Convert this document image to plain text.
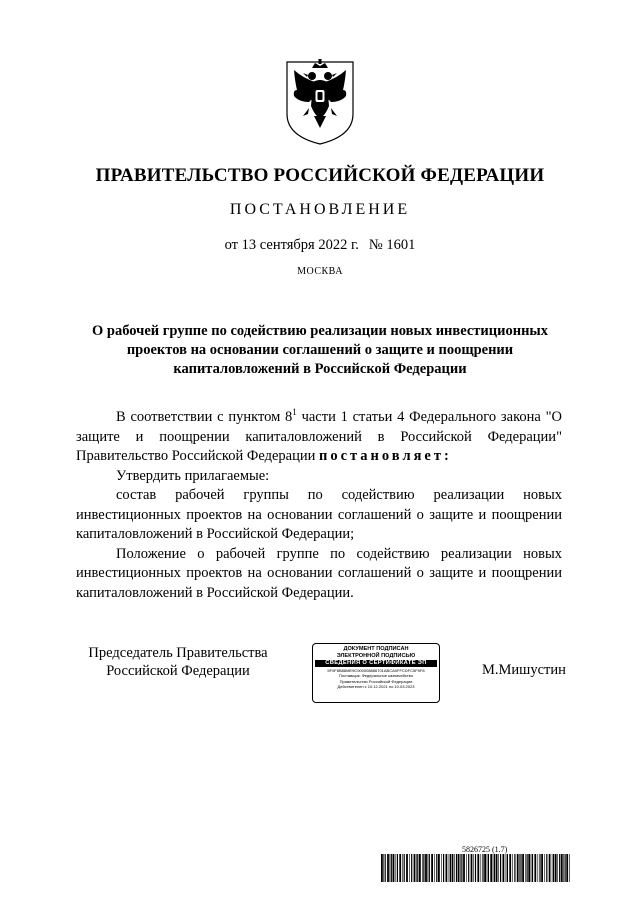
ПРАВИТЕЛЬСТВО РОССИЙСКОЙ ФЕДЕРАЦИИ
ПОСТАНОВЛЕНИЕ
от 13 сентября 2022 г. № 1601
МОСКВА
О рабочей группе по содействию реализации новых инвестиционных
проектов на основании соглашений о защите и поощрении
капиталовложений в Российской Федерации

В соответствии с пунктом $8^1$ части 1 статьи 4 Федерального закона "О защите и поощрении капиталовложений в Российской Федерации" Правительство Российской Федерации постановляет:

Утвердить прилагаемые:

состав рабочей группы по содействию реализации новых инвестиционных проектов на основании соглашений о защите и поощрении капиталовложений в Российской Федерации;

Положение о рабочей группе по содействию реализации новых инвестиционных проектов на основании соглашений о защите и поощрении капиталовложений в Российской Федерации.

Председатель Правительства
Российской Федерации
ДОКУМЕНТ ПОДПИСАН
ЭЛЕКТРОННОЙ ПОДПИСЬЮ
СВЕДЕНИЯ О СЕРТИФИКАТЕ ЭП
5F0F8B88ME9C000008886701ABCA0FFCDFC5F5F8
Поставщик: Федеральное казначейство
Правительство Российской Федерации
Действителен с 10.12.2021 по 10.03.2023
М.Мишустин
5826725 (1.7)
